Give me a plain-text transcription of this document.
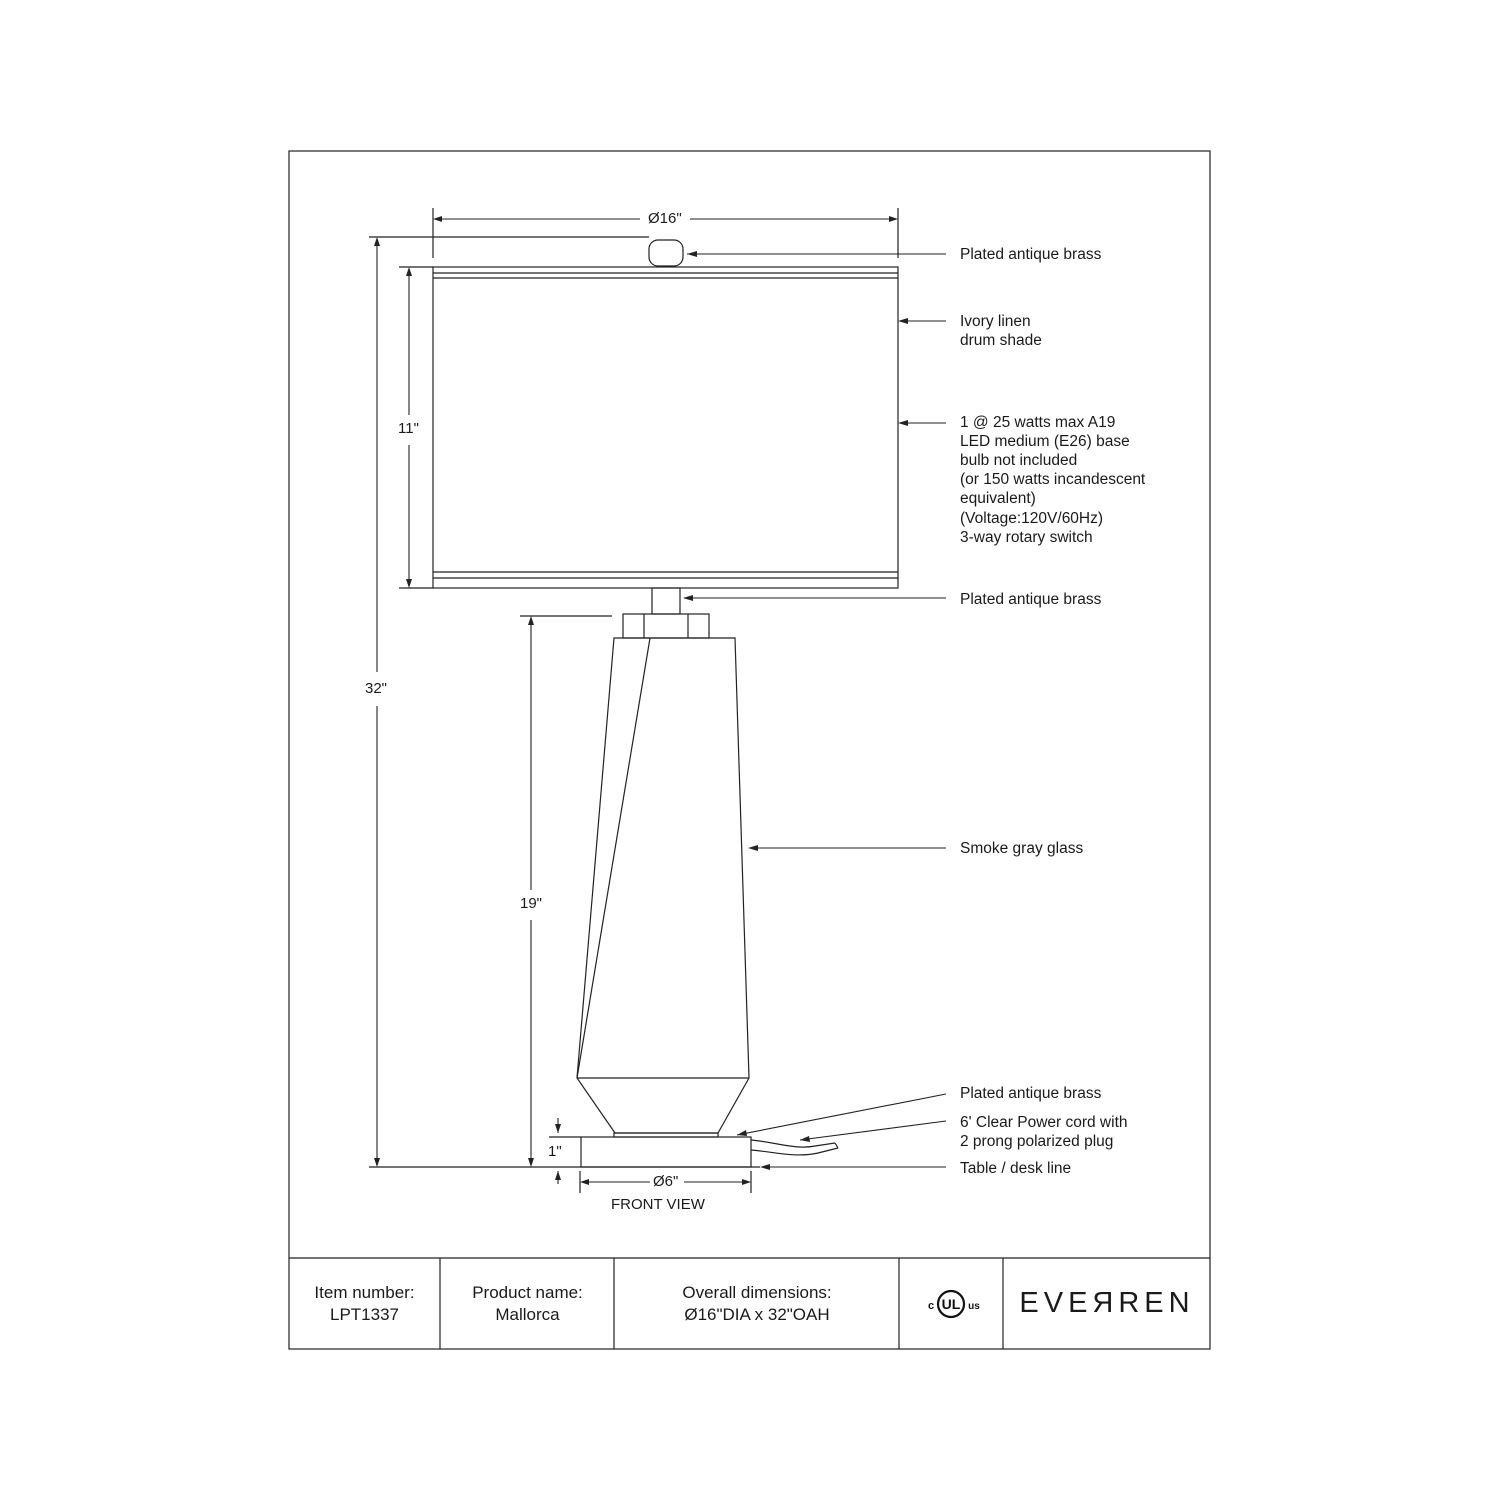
Ø16"
32"
11"
19"
1"
Ø6"
FRONT VIEW
Plated antique brass
Ivory linen
drum shade
1 @ 25 watts max A19
LED medium (E26) base
bulb not included
(or 150 watts incandescent
equivalent)
(Voltage:120V/60Hz)
3-way rotary switch
Plated antique brass
Smoke gray glass
Plated antique brass
6' Clear Power cord with
2 prong polarized plug
Table / desk line
Item number:
LPT1337
Product name:
Mallorca
Overall dimensions:
Ø16"DIA x 32"OAH
UL
c	us	EVEЯREN
